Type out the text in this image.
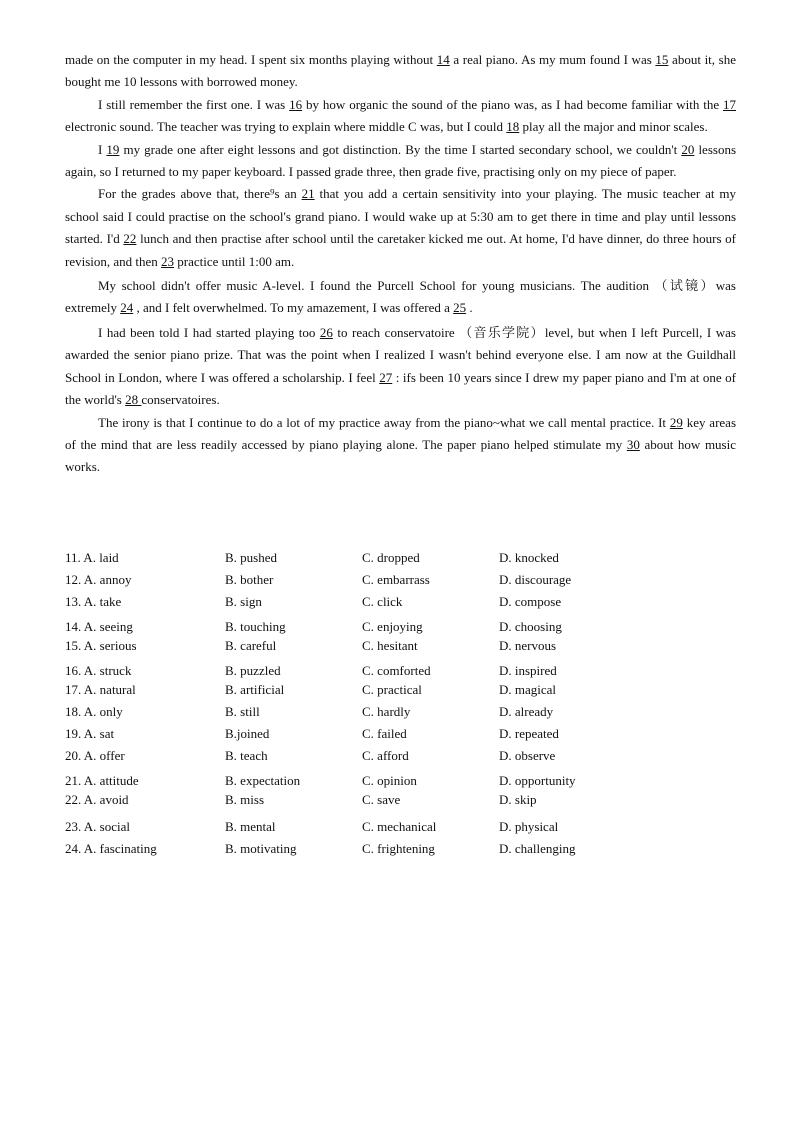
made on the computer in my head. I spent six months playing without 14 a real piano. As my mum found I was 15 about it, she bought me 10 lessons with borrowed money.

I still remember the first one. I was 16 by how organic the sound of the piano was, as I had become familiar with the 17 electronic sound. The teacher was trying to explain where middle C was, but I could 18 play all the major and minor scales.

I 19 my grade one after eight lessons and got distinction. By the time I started secondary school, we couldn't 20 lessons again, so I returned to my paper keyboard. I passed grade three, then grade five, practising only on my piece of paper.

For the grades above that, there⁹s an 21 that you add a certain sensitivity into your playing. The music teacher at my school said I could practise on the school's grand piano. I would wake up at 5:30 am to get there in time and play until lessons started. I'd 22 lunch and then practise after school until the caretaker kicked me out. At home, I'd have dinner, do three hours of revision, and then 23 practice until 1:00 am.

My school didn't offer music A-level. I found the Purcell School for young musicians. The audition （试镜）was extremely 24 , and I felt overwhelmed. To my amazement, I was offered a 25 .

I had been told I had started playing too 26 to reach conservatoire （音乐学院）level, but when I left Purcell, I was awarded the senior piano prize. That was the point when I realized I wasn't behind everyone else. I am now at the Guildhall School in London, where I was offered a scholarship. I feel 27 : ifs been 10 years since I drew my paper piano and I'm at one of the world's 28 conservatoires.

The irony is that I continue to do a lot of my practice away from the piano~what we call mental practice. It 29 key areas of the mind that are less readily accessed by piano playing alone. The paper piano helped stimulate my 30 about how music works.

11. A. laid	B. pushed	C. dropped	D. knocked
12. A. annoy	B. bother	C. embarrass	D. discourage
13. A. take	B. sign	C. click	D. compose
14. A. seeing	B. touching	C. enjoying	D. choosing
15. A. serious	B. careful	C. hesitant	D. nervous
16. A. struck	B. puzzled	C. comforted	D. inspired
17. A. natural	B. artificial	C. practical	D. magical
18. A. only	B. still	C. hardly	D. already
19. A. sat	B.joined	C. failed	D. repeated
20. A. offer	B. teach	C. afford	D. observe
21. A. attitude	B. expectation	C. opinion	D. opportunity
22. A. avoid	B. miss	C. save	D. skip
23. A. social	B. mental	C. mechanical	D. physical
24. A. fascinating	B. motivating	C. frightening	D. challenging
